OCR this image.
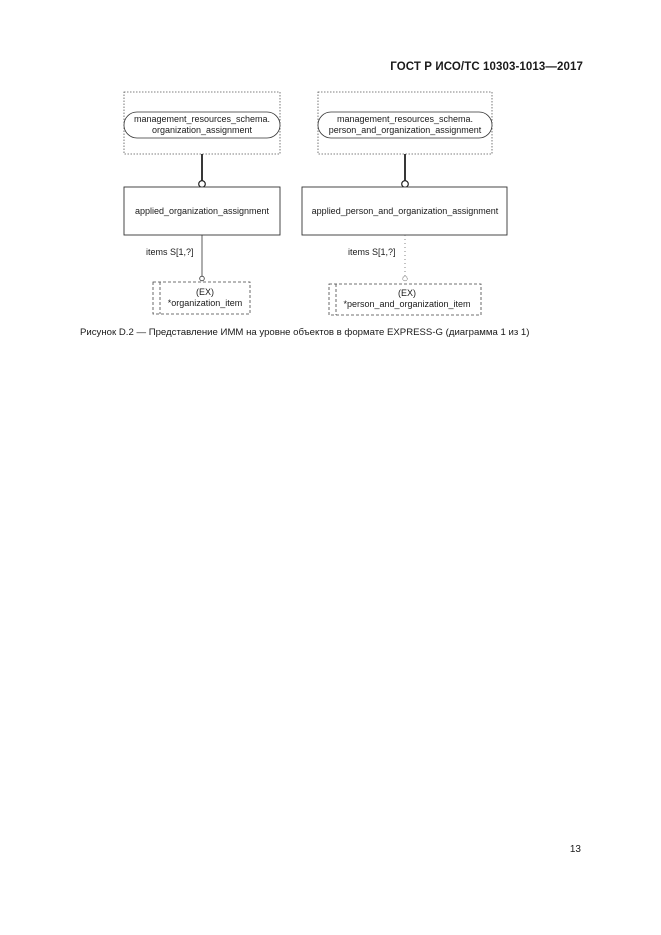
ГОСТ Р ИСО/ТС 10303-1013—2017
management_resources_schema.
organization_assignment
applied_organization_assignment
items S[1,?]
(EX)
*organization_item
management_resources_schema.
person_and_organization_assignment
applied_person_and_organization_assignment
items S[1,?]
(EX)
*person_and_organization_item
Рисунок D.2 — Представление ИММ на уровне объектов в формате EXPRESS-G (диаграмма 1 из 1)
13
